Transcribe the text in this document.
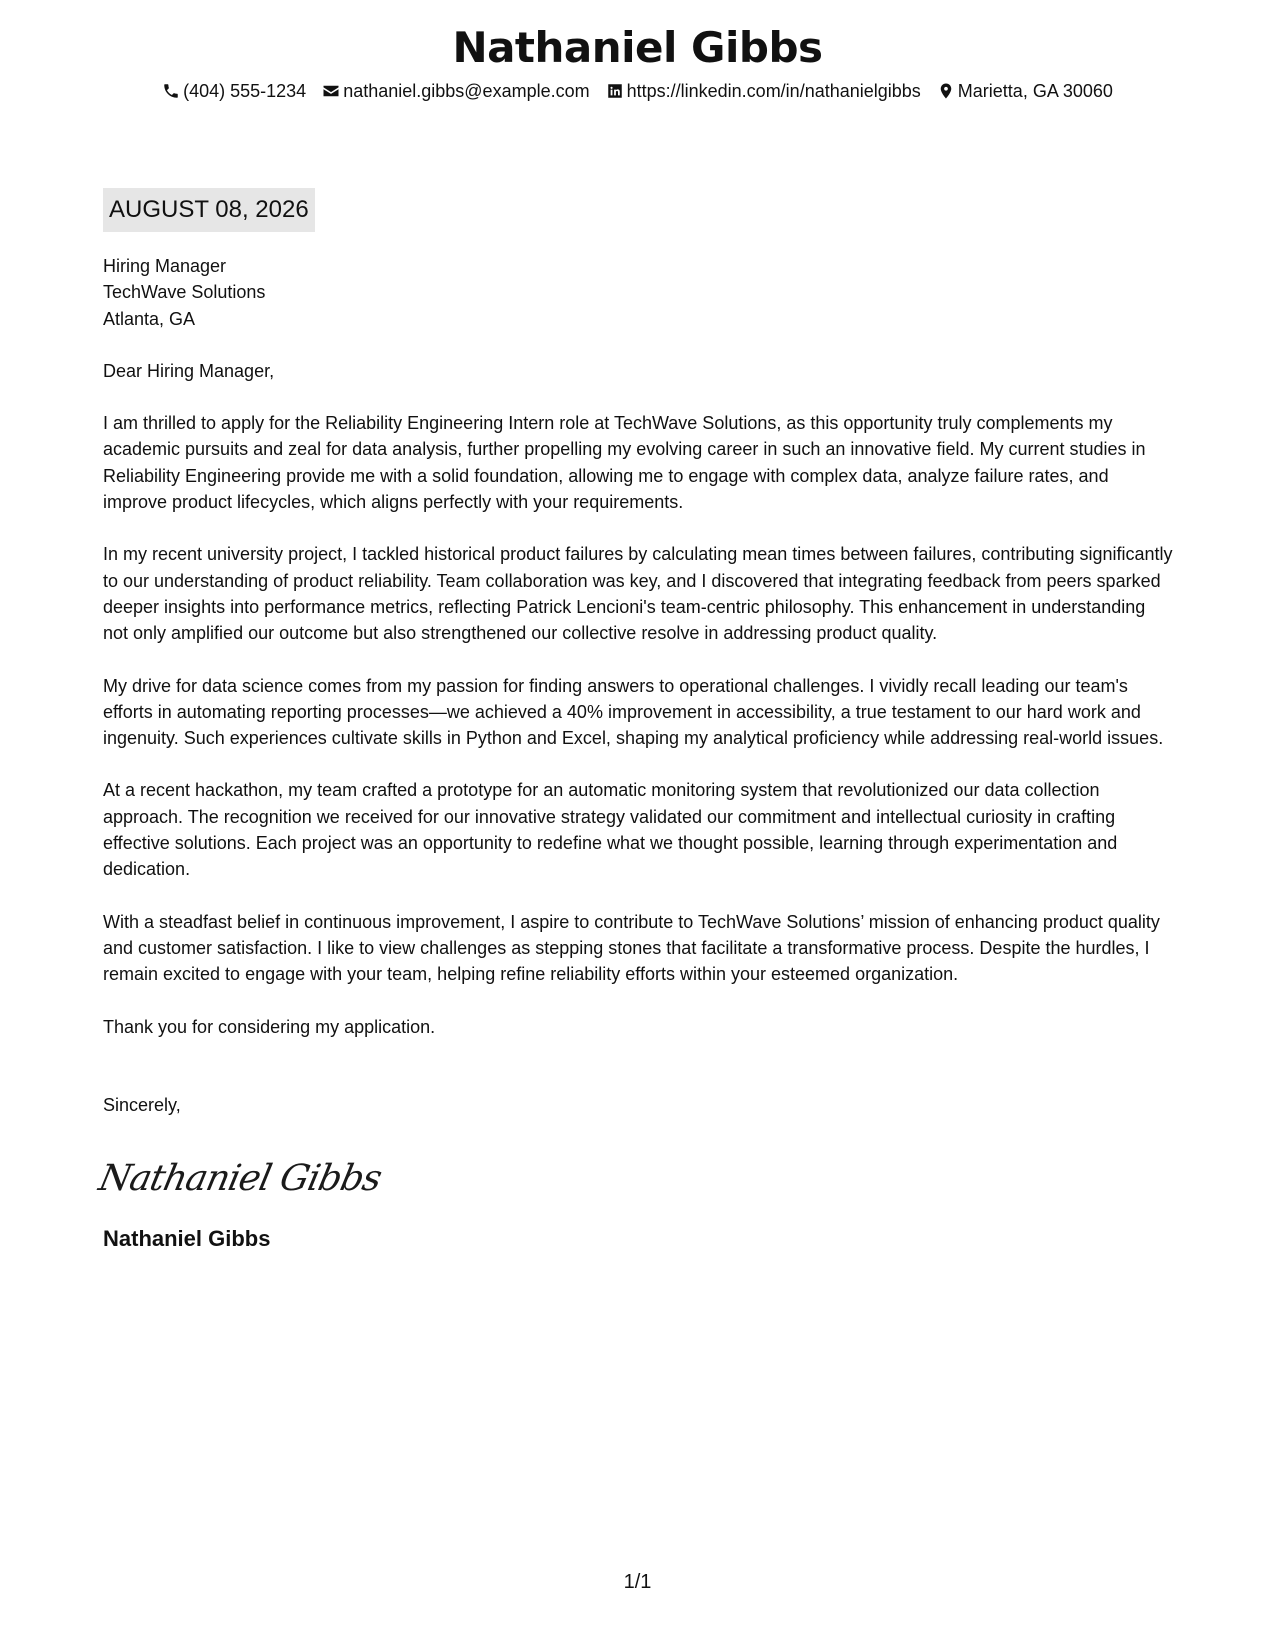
Nathaniel Gibbs
(404) 555-1234 nathaniel.gibbs@example.com https://linkedin.com/in/nathanielgibbs Marietta, GA 30060
AUGUST 08, 2026
Hiring Manager
TechWave Solutions
Atlanta, GA
Dear Hiring Manager,

I am thrilled to apply for the Reliability Engineering Intern role at TechWave Solutions, as this opportunity truly complements my academic pursuits and zeal for data analysis, further propelling my evolving career in such an innovative field. My current studies in Reliability Engineering provide me with a solid foundation, allowing me to engage with complex data, analyze failure rates, and improve product lifecycles, which aligns perfectly with your requirements.

In my recent university project, I tackled historical product failures by calculating mean times between failures, contributing significantly to our understanding of product reliability. Team collaboration was key, and I discovered that integrating feedback from peers sparked deeper insights into performance metrics, reflecting Patrick Lencioni's team-centric philosophy. This enhancement in understanding not only amplified our outcome but also strengthened our collective resolve in addressing product quality.

My drive for data science comes from my passion for finding answers to operational challenges. I vividly recall leading our team's efforts in automating reporting processes—we achieved a 40% improvement in accessibility, a true testament to our hard work and ingenuity. Such experiences cultivate skills in Python and Excel, shaping my analytical proficiency while addressing real-world issues.

At a recent hackathon, my team crafted a prototype for an automatic monitoring system that revolutionized our data collection approach. The recognition we received for our innovative strategy validated our commitment and intellectual curiosity in crafting effective solutions. Each project was an opportunity to redefine what we thought possible, learning through experimentation and dedication.

With a steadfast belief in continuous improvement, I aspire to contribute to TechWave Solutions’ mission of enhancing product quality and customer satisfaction. I like to view challenges as stepping stones that facilitate a transformative process. Despite the hurdles, I remain excited to engage with your team, helping refine reliability efforts within your esteemed organization.

Thank you for considering my application.

Sincerely,
Nathaniel Gibbs
Nathaniel Gibbs
1/1
